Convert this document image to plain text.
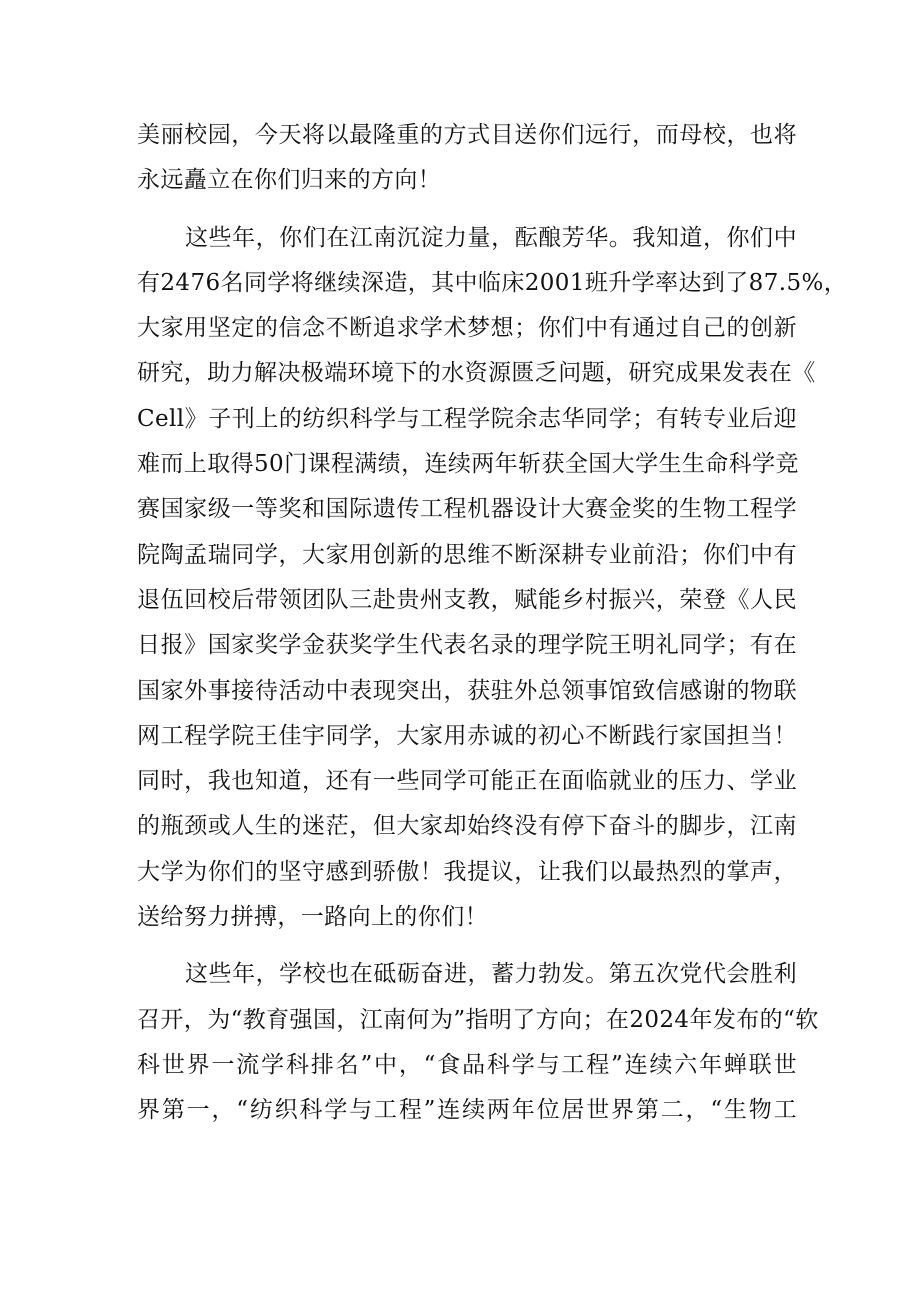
美丽校园，今天将以最隆重的方式目送你们远行，而母校，也将
永远矗立在你们归来的方向！
这些年，你们在江南沉淀力量，酝酿芳华。我知道，你们中
有2476名同学将继续深造，其中临床2001班升学率达到了87.5%，
大家用坚定的信念不断追求学术梦想；你们中有通过自己的创新
研究，助力解决极端环境下的水资源匮乏问题，研究成果发表在《
Cell》子刊上的纺织科学与工程学院余志华同学；有转专业后迎
难而上取得50门课程满绩，连续两年斩获全国大学生生命科学竞
赛国家级一等奖和国际遗传工程机器设计大赛金奖的生物工程学
院陶孟瑞同学，大家用创新的思维不断深耕专业前沿；你们中有
退伍回校后带领团队三赴贵州支教，赋能乡村振兴，荣登《人民
日报》国家奖学金获奖学生代表名录的理学院王明礼同学；有在
国家外事接待活动中表现突出，获驻外总领事馆致信感谢的物联
网工程学院王佳宇同学，大家用赤诚的初心不断践行家国担当！
同时，我也知道，还有一些同学可能正在面临就业的压力、学业
的瓶颈或人生的迷茫，但大家却始终没有停下奋斗的脚步，江南
大学为你们的坚守感到骄傲！我提议，让我们以最热烈的掌声，
送给努力拼搏，一路向上的你们！
这些年，学校也在砥砺奋进，蓄力勃发。第五次党代会胜利
召开，为“教育强国，江南何为”指明了方向；在2024年发布的“软
科世界一流学科排名”中，“食品科学与工程”连续六年蝉联世
界第一，“纺织科学与工程”连续两年位居世界第二，“生物工
